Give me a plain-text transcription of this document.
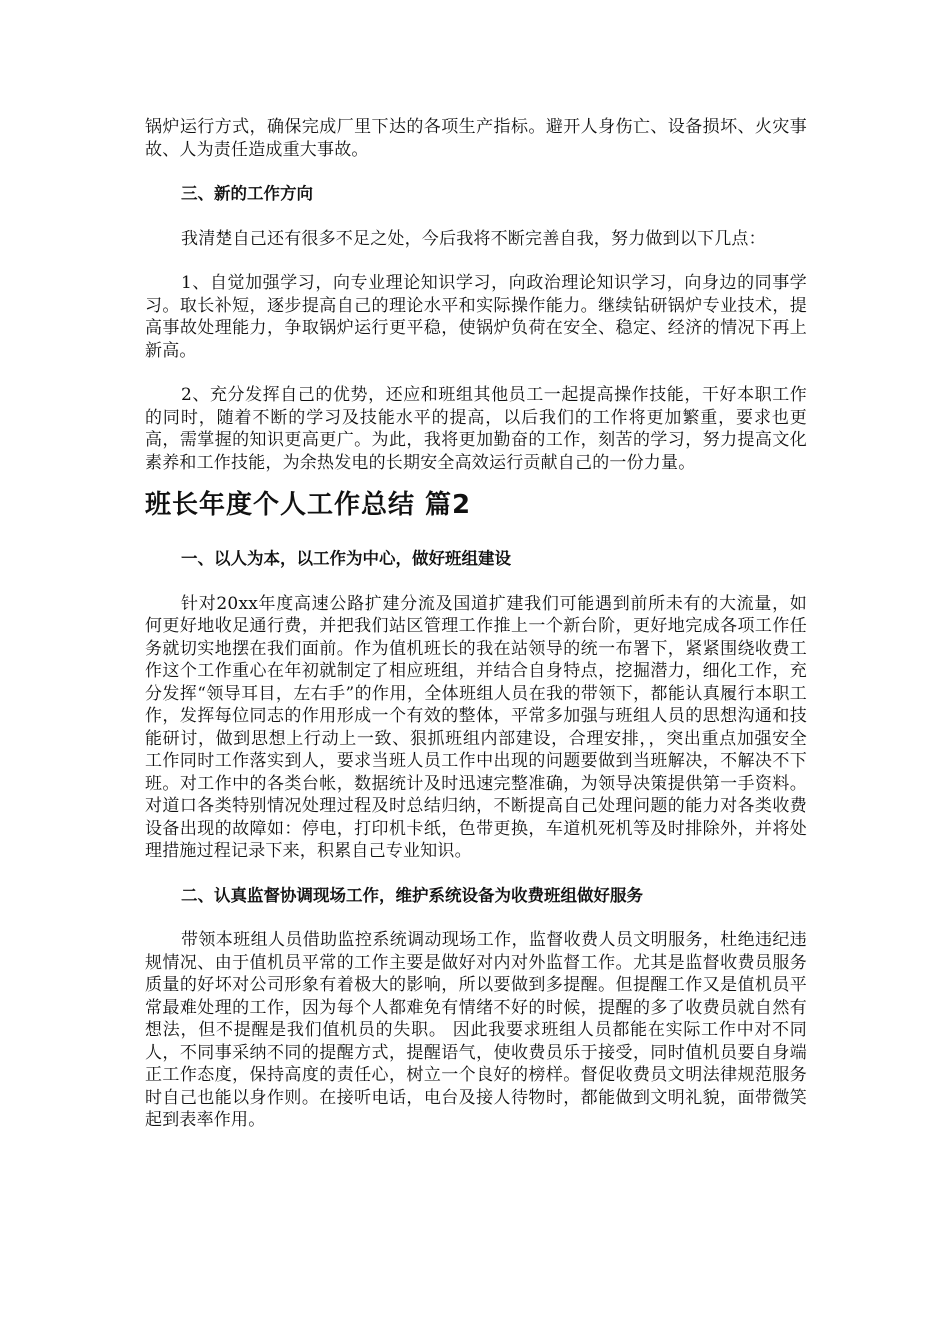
锅炉运行方式，确保完成厂里下达的各项生产指标。避开人身伤亡、设备损坏、火灾事故、人为责任造成重大事故。

三、新的工作方向

我清楚自己还有很多不足之处，今后我将不断完善自我，努力做到以下几点：

1、自觉加强学习，向专业理论知识学习，向政治理论知识学习，向身边的同事学习。取长补短，逐步提高自己的理论水平和实际操作能力。继续钻研锅炉专业技术，提高事故处理能力，争取锅炉运行更平稳，使锅炉负荷在安全、稳定、经济的情况下再上新高。

2、充分发挥自己的优势，还应和班组其他员工一起提高操作技能，干好本职工作的同时，随着不断的学习及技能水平的提高，以后我们的工作将更加繁重，要求也更高，需掌握的知识更高更广。为此，我将更加勤奋的工作，刻苦的学习，努力提高文化素养和工作技能，为余热发电的长期安全高效运行贡献自己的一份力量。

班长年度个人工作总结 篇2

一、以人为本，以工作为中心，做好班组建设

针对20xx年度高速公路扩建分流及国道扩建我们可能遇到前所未有的大流量，如何更好地收足通行费，并把我们站区管理工作推上一个新台阶，更好地完成各项工作任务就切实地摆在我们面前。作为值机班长的我在站领导的统一布署下，紧紧围绕收费工作这个工作重心在年初就制定了相应班组，并结合自身特点，挖掘潜力，细化工作，充分发挥“领导耳目，左右手”的作用，全体班组人员在我的带领下，都能认真履行本职工作，发挥每位同志的作用形成一个有效的整体，平常多加强与班组人员的思想沟通和技能研讨，做到思想上行动上一致、狠抓班组内部建设，合理安排，，突出重点加强安全工作同时工作落实到人，要求当班人员工作中出现的问题要做到当班解决，不解决不下班。对工作中的各类台帐，数据统计及时迅速完整准确，为领导决策提供第一手资料。对道口各类特别情况处理过程及时总结归纳，不断提高自己处理问题的能力对各类收费设备出现的故障如：停电，打印机卡纸，色带更换，车道机死机等及时排除外，并将处理措施过程记录下来，积累自己专业知识。

二、认真监督协调现场工作，维护系统设备为收费班组做好服务

带领本班组人员借助监控系统调动现场工作，监督收费人员文明服务，杜绝违纪违规情况、由于值机员平常的工作主要是做好对内对外监督工作。尤其是监督收费员服务质量的好坏对公司形象有着极大的影响，所以要做到多提醒。但提醒工作又是值机员平常最难处理的工作，因为每个人都难免有情绪不好的时候，提醒的多了收费员就自然有想法，但不提醒是我们值机员的失职。 因此我要求班组人员都能在实际工作中对不同人，不同事采纳不同的提醒方式，提醒语气，使收费员乐于接受，同时值机员要自身端正工作态度，保持高度的责任心，树立一个良好的榜样。督促收费员文明法律规范服务时自己也能以身作则。在接听电话，电台及接人待物时，都能做到文明礼貌，面带微笑起到表率作用。
